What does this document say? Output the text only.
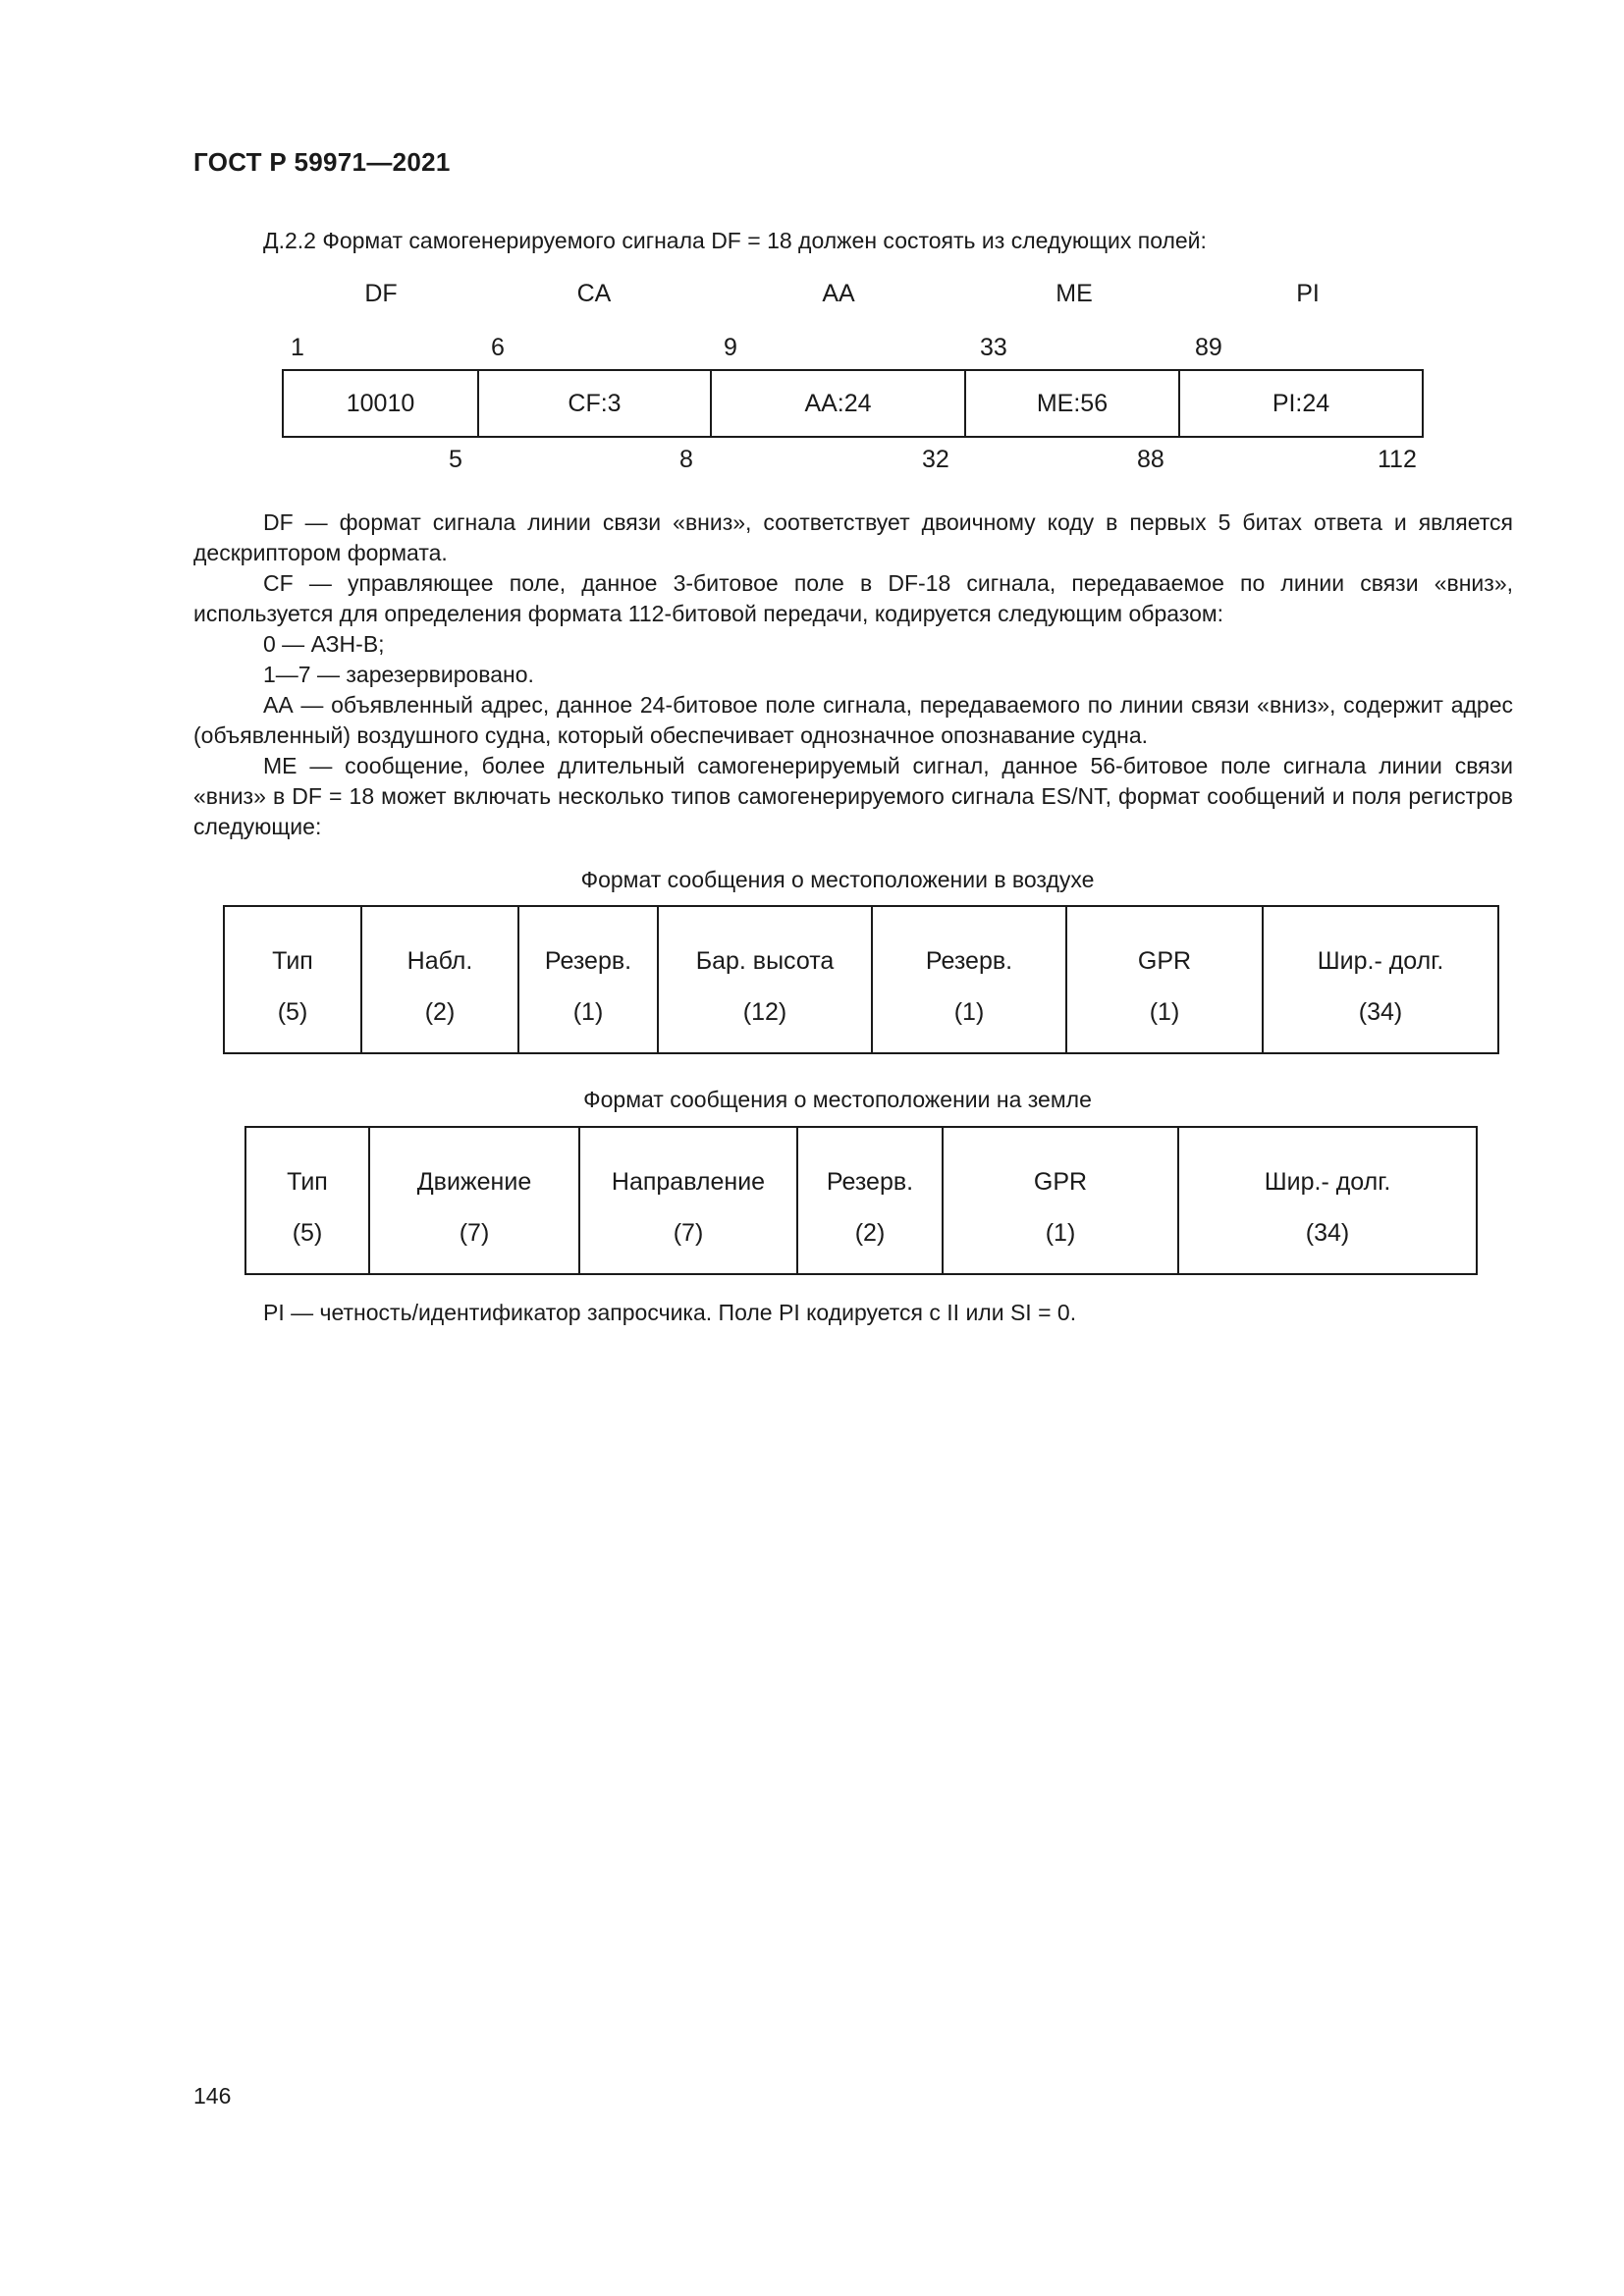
ГОСТ Р 59971—2021
Д.2.2 Формат самогенерируемого сигнала DF = 18 должен состоять из следующих полей:
DF	CA	AA	ME	PI
1	6	9	33	89
10010	CF:3	AA:24	ME:56	PI:24
5	8	32	88	112

DF — формат сигнала линии связи «вниз», соответствует двоичному коду в первых 5 битах ответа и является дескриптором формата.

CF — управляющее поле, данное 3-битовое поле в DF-18 сигнала, передаваемое по линии связи «вниз», используется для определения формата 112-битовой передачи, кодируется следующим образом:

0 — АЗН-В;

1—7 — зарезервировано.

АА — объявленный адрес, данное 24-битовое поле сигнала, передаваемого по линии связи «вниз», содержит адрес (объявленный) воздушного судна, который обеспечивает однозначное опознавание судна.

МЕ — сообщение, более длительный самогенерируемый сигнал, данное 56-битовое поле сигнала линии связи «вниз» в DF = 18 может включать несколько типов самогенерируемого сигнала ES/NT, формат сообщений и поля регистров следующие:

Формат сообщения о местоположении в воздухе
Тип	Набл.	Резерв.	Бар. высота	Резерв.	GPR	Шир.- долг.
(5)	(2)	(1)	(12)	(1)	(1)	(34)
Формат сообщения о местоположении на земле
Тип	Движение	Направление	Резерв.	GPR	Шир.- долг.
(5)	(7)	(7)	(2)	(1)	(34)
PI — четность/идентификатор запросчика. Поле PI кодируется с II или SI = 0.
146
